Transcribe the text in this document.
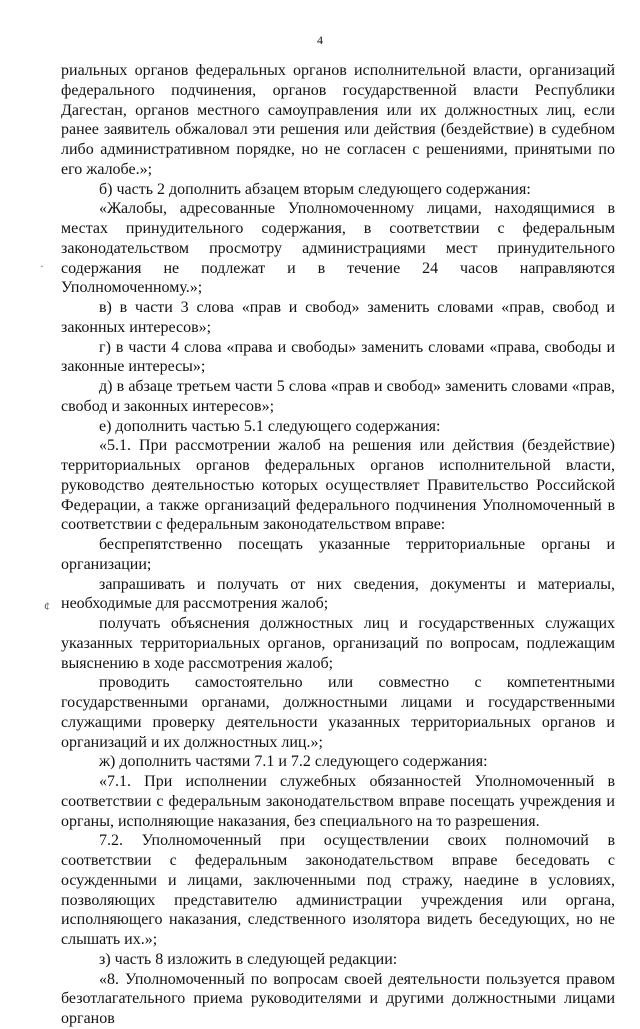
4
·
¢

риальных органов федеральных органов исполнительной власти, организаций федерального подчинения, органов государственной власти Республики Дагестан, органов местного самоуправления или их должностных лиц, если ранее заявитель обжаловал эти решения или действия (бездействие) в судебном либо административном порядке, но не согласен с решениями, принятыми по его жалобе.»;

б) часть 2 дополнить абзацем вторым следующего содержания:

«Жалобы, адресованные Уполномоченному лицами, находящимися в местах принудительного содержания, в соответствии с федеральным законодательством просмотру администрациями мест принудительного содержания не подлежат и в течение 24 часов направляются Уполномоченному.»;

в) в части 3 слова «прав и свобод» заменить словами «прав, свобод и законных интересов»;

г) в части 4 слова «права и свободы» заменить словами «права, свободы и законные интересы»;

д) в абзаце третьем части 5 слова «прав и свобод» заменить словами «прав, свобод и законных интересов»;

е) дополнить частью 5.1 следующего содержания:

«5.1. При рассмотрении жалоб на решения или действия (бездействие) территориальных органов федеральных органов исполнительной власти, руководство деятельностью которых осуществляет Правительство Российской Федерации, а также организаций федерального подчинения Уполномоченный в соответствии с федеральным законодательством вправе:

беспрепятственно посещать указанные территориальные органы и организации;

запрашивать и получать от них сведения, документы и материалы, необходимые для рассмотрения жалоб;

получать объяснения должностных лиц и государственных служащих указанных территориальных органов, организаций по вопросам, подлежащим выяснению в ходе рассмотрения жалоб;

проводить самостоятельно или совместно с компетентными государственными органами, должностными лицами и государственными служащими проверку деятельности указанных территориальных органов и организаций и их должностных лиц.»;

ж) дополнить частями 7.1 и 7.2 следующего содержания:

«7.1. При исполнении служебных обязанностей Уполномоченный в соответствии с федеральным законодательством вправе посещать учреждения и органы, исполняющие наказания, без специального на то разрешения.

7.2. Уполномоченный при осуществлении своих полномочий в соответствии с федеральным законодательством вправе беседовать с осужденными и лицами, заключенными под стражу, наедине в условиях, позволяющих представителю администрации учреждения или органа, исполняющего наказания, следственного изолятора видеть беседующих, но не слышать их.»;

з) часть 8 изложить в следующей редакции:

«8. Уполномоченный по вопросам своей деятельности пользуется правом безотлагательного приема руководителями и другими должностными лицами органов
